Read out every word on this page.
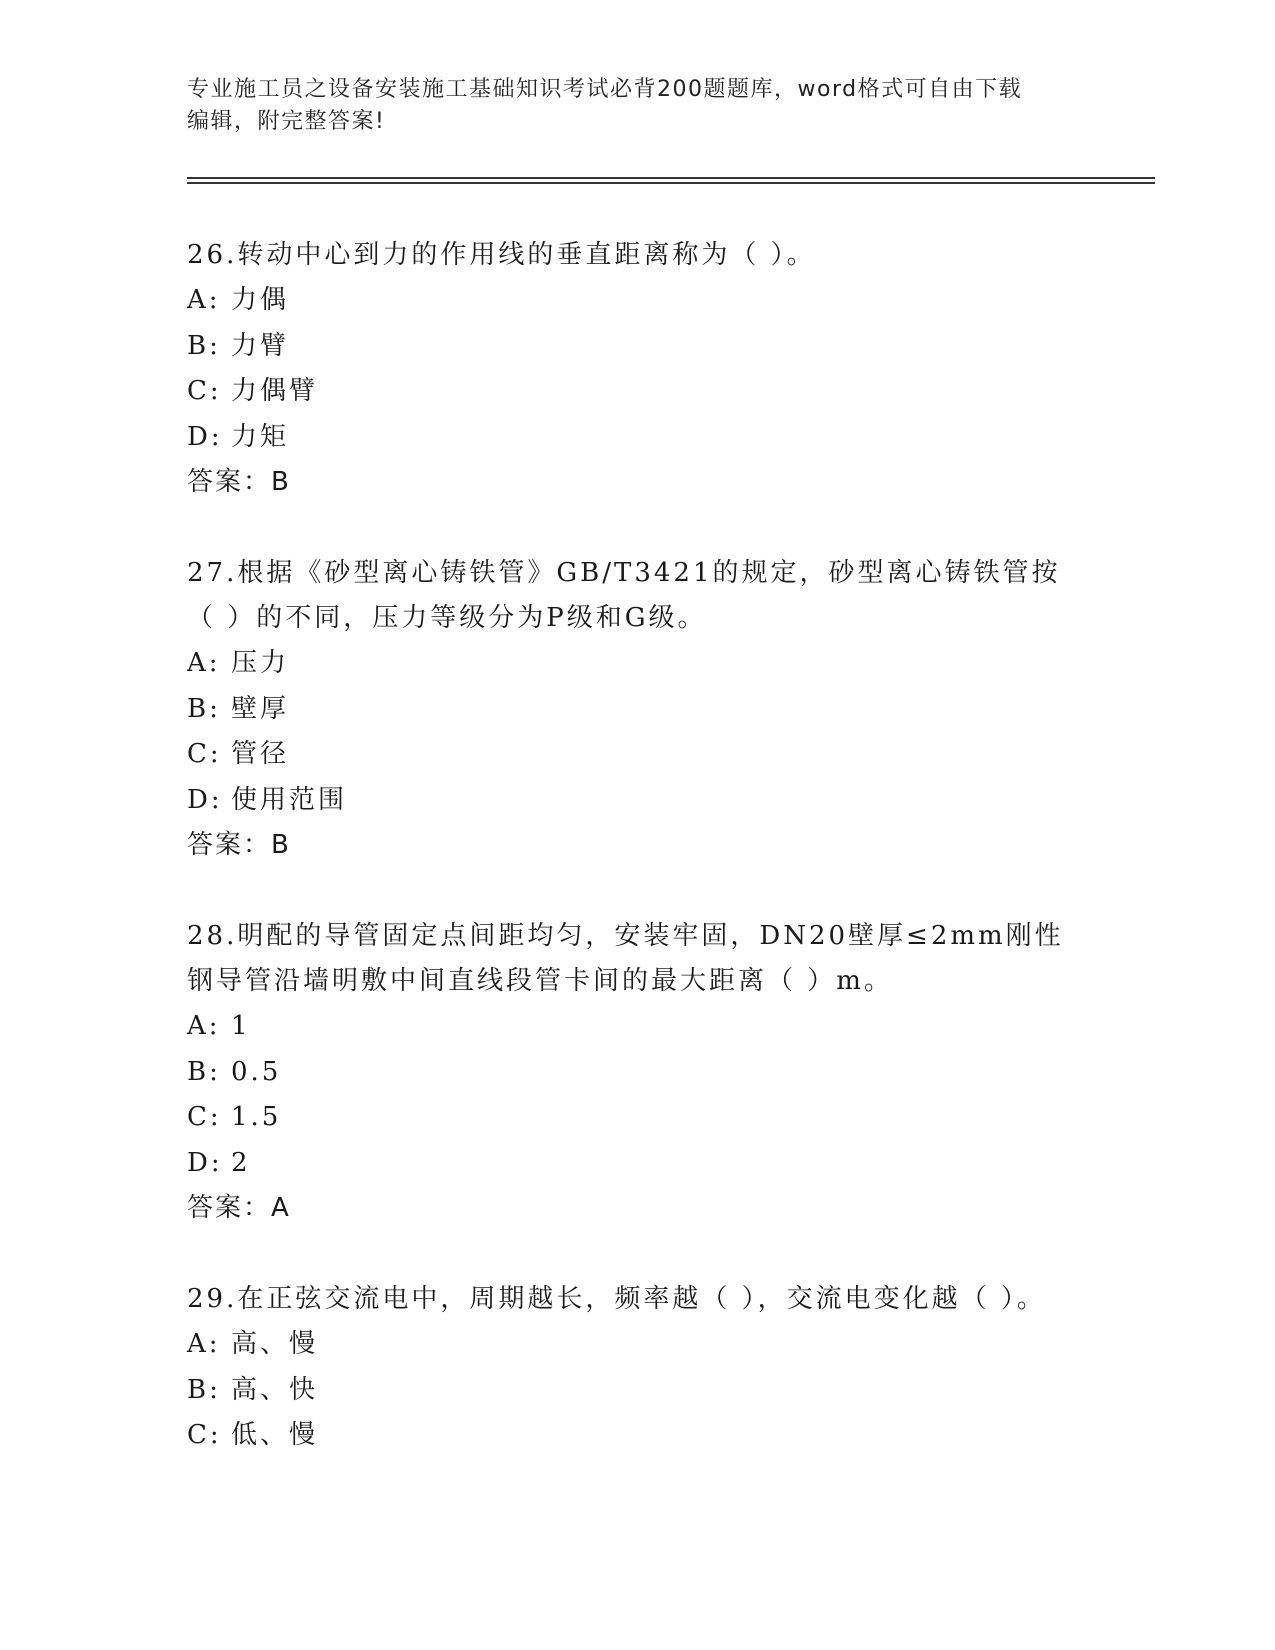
专业施工员之设备安装施工基础知识考试必背200题题库，word格式可自由下载
编辑，附完整答案!
26.转动中心到力的作用线的垂直距离称为（ ）。
A: 力偶
B: 力臂
C: 力偶臂
D: 力矩
答案：B
27.根据《砂型离心铸铁管》GB/T3421的规定，砂型离心铸铁管按（ ）的不同，压力等级分为P级和G级。
A: 压力
B: 壁厚
C: 管径
D: 使用范围
答案：B
28.明配的导管固定点间距均匀，安装牢固，DN20壁厚≤2mm刚性钢导管沿墙明敷中间直线段管卡间的最大距离（ ）m。
A: 1
B: 0.5
C: 1.5
D: 2
答案：A
29.在正弦交流电中，周期越长，频率越（ ），交流电变化越（ ）。
A: 高、慢
B: 高、快
C: 低、慢
